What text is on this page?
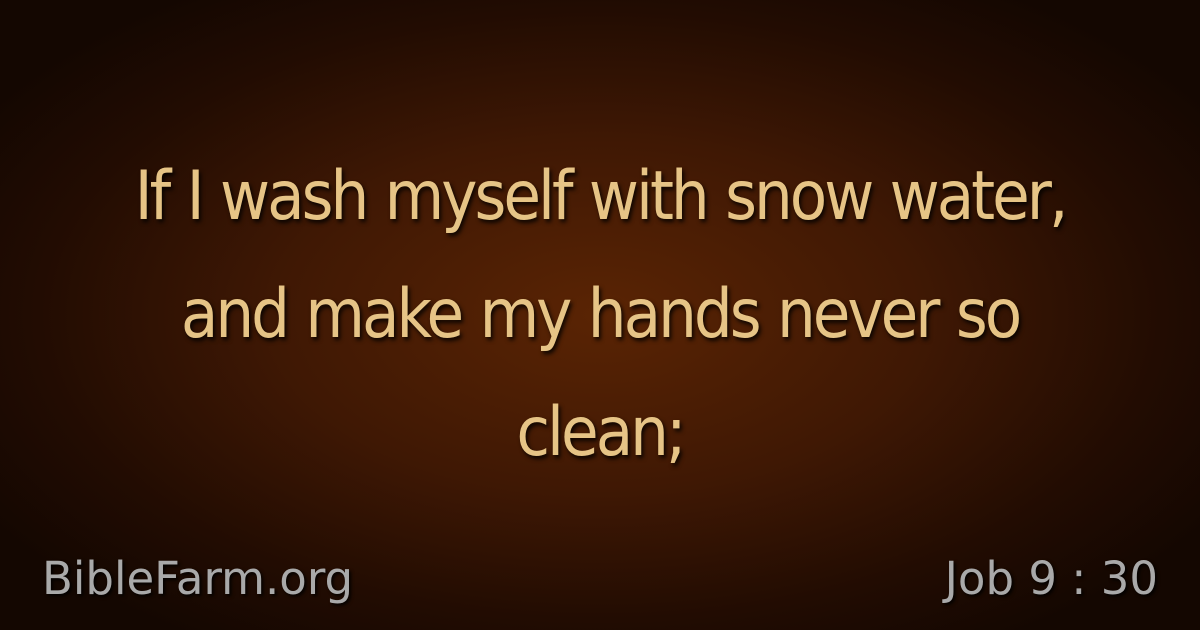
If I wash myself with snow water,
and make my hands never so
clean;
BibleFarm.org	Job 9 : 30
